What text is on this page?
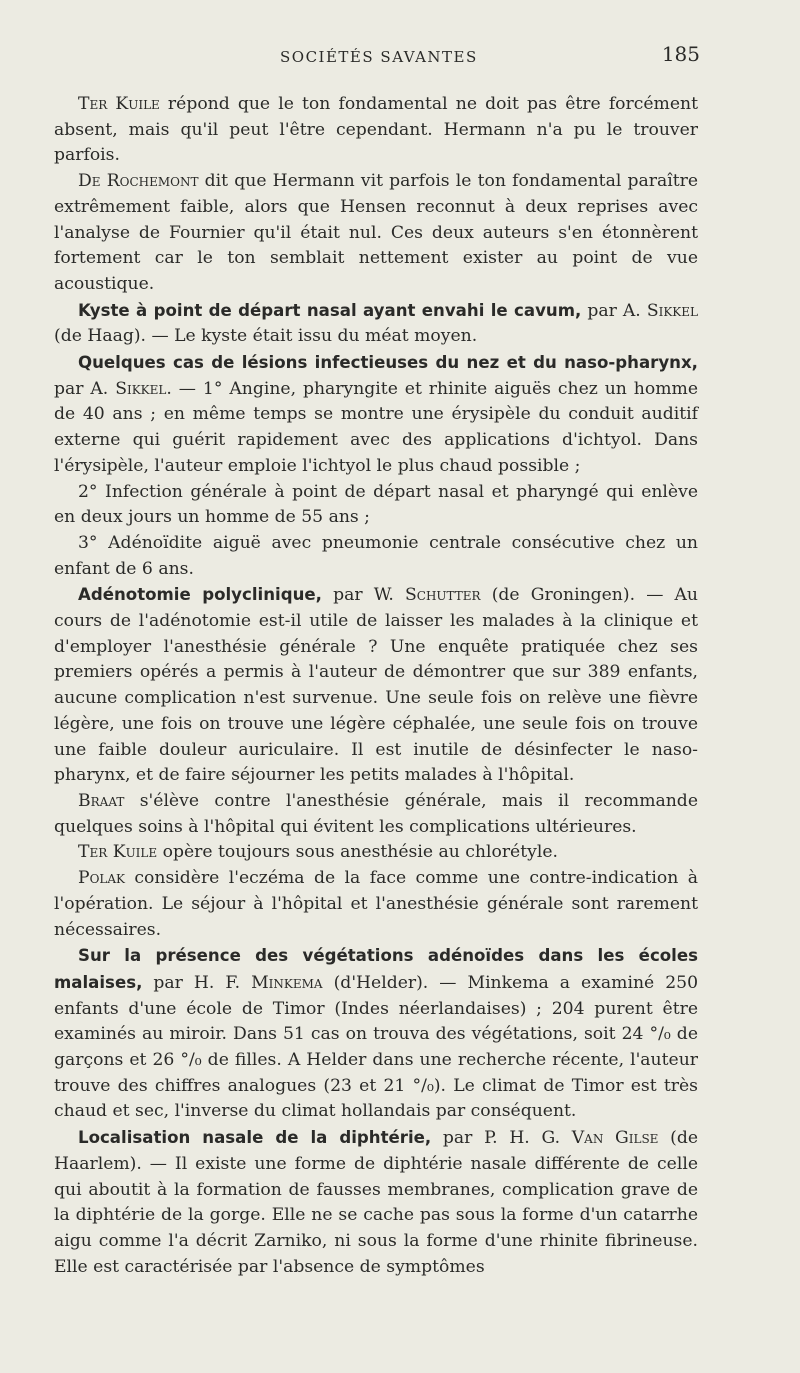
SOCIÉTÉS SAVANTES	185

Ter Kuile répond que le ton fondamental ne doit pas être forcément absent, mais qu'il peut l'être cependant. Hermann n'a pu le trouver parfois.

De Rochemont dit que Hermann vit parfois le ton fondamental paraître extrêmement faible, alors que Hensen reconnut à deux reprises avec l'analyse de Fournier qu'il était nul. Ces deux auteurs s'en étonnèrent fortement car le ton semblait nettement exister au point de vue acoustique.

Kyste à point de départ nasal ayant envahi le cavum, par A. Sikkel (de Haag). — Le kyste était issu du méat moyen.

Quelques cas de lésions infectieuses du nez et du naso-pharynx, par A. Sikkel. — 1° Angine, pharyngite et rhinite aiguës chez un homme de 40 ans ; en même temps se montre une érysipèle du conduit auditif externe qui guérit rapidement avec des applications d'ichtyol. Dans l'érysipèle, l'auteur emploie l'ichtyol le plus chaud possible ;

2° Infection générale à point de départ nasal et pharyngé qui enlève en deux jours un homme de 55 ans ;

3° Adénoïdite aiguë avec pneumonie centrale consécutive chez un enfant de 6 ans.

Adénotomie polyclinique, par W. Schutter (de Groningen). — Au cours de l'adénotomie est-il utile de laisser les malades à la clinique et d'employer l'anesthésie générale ? Une enquête pratiquée chez ses premiers opérés a permis à l'auteur de démontrer que sur 389 enfants, aucune complication n'est survenue. Une seule fois on relève une fièvre légère, une fois on trouve une légère céphalée, une seule fois on trouve une faible douleur auriculaire. Il est inutile de désinfecter le naso-pharynx, et de faire séjourner les petits malades à l'hôpital.

Braat s'élève contre l'anesthésie générale, mais il recommande quelques soins à l'hôpital qui évitent les complications ultérieures.

Ter Kuile opère toujours sous anesthésie au chlorétyle.

Polak considère l'eczéma de la face comme une contre-indication à l'opération. Le séjour à l'hôpital et l'anesthésie générale sont rarement nécessaires.

Sur la présence des végétations adénoïdes dans les écoles malaises, par H. F. Minkema (d'Helder). — Minkema a examiné 250 enfants d'une école de Timor (Indes néerlandaises) ; 204 purent être examinés au miroir. Dans 51 cas on trouva des végétations, soit 24 °/₀ de garçons et 26 °/₀ de filles. A Helder dans une recherche récente, l'auteur trouve des chiffres analogues (23 et 21 °/₀). Le climat de Timor est très chaud et sec, l'inverse du climat hollandais par conséquent.

Localisation nasale de la diphtérie, par P. H. G. Van Gilse (de Haarlem). — Il existe une forme de diphtérie nasale différente de celle qui aboutit à la formation de fausses membranes, complication grave de la diphtérie de la gorge. Elle ne se cache pas sous la forme d'un catarrhe aigu comme l'a décrit Zarniko, ni sous la forme d'une rhinite fibrineuse. Elle est caractérisée par l'absence de symptômes
